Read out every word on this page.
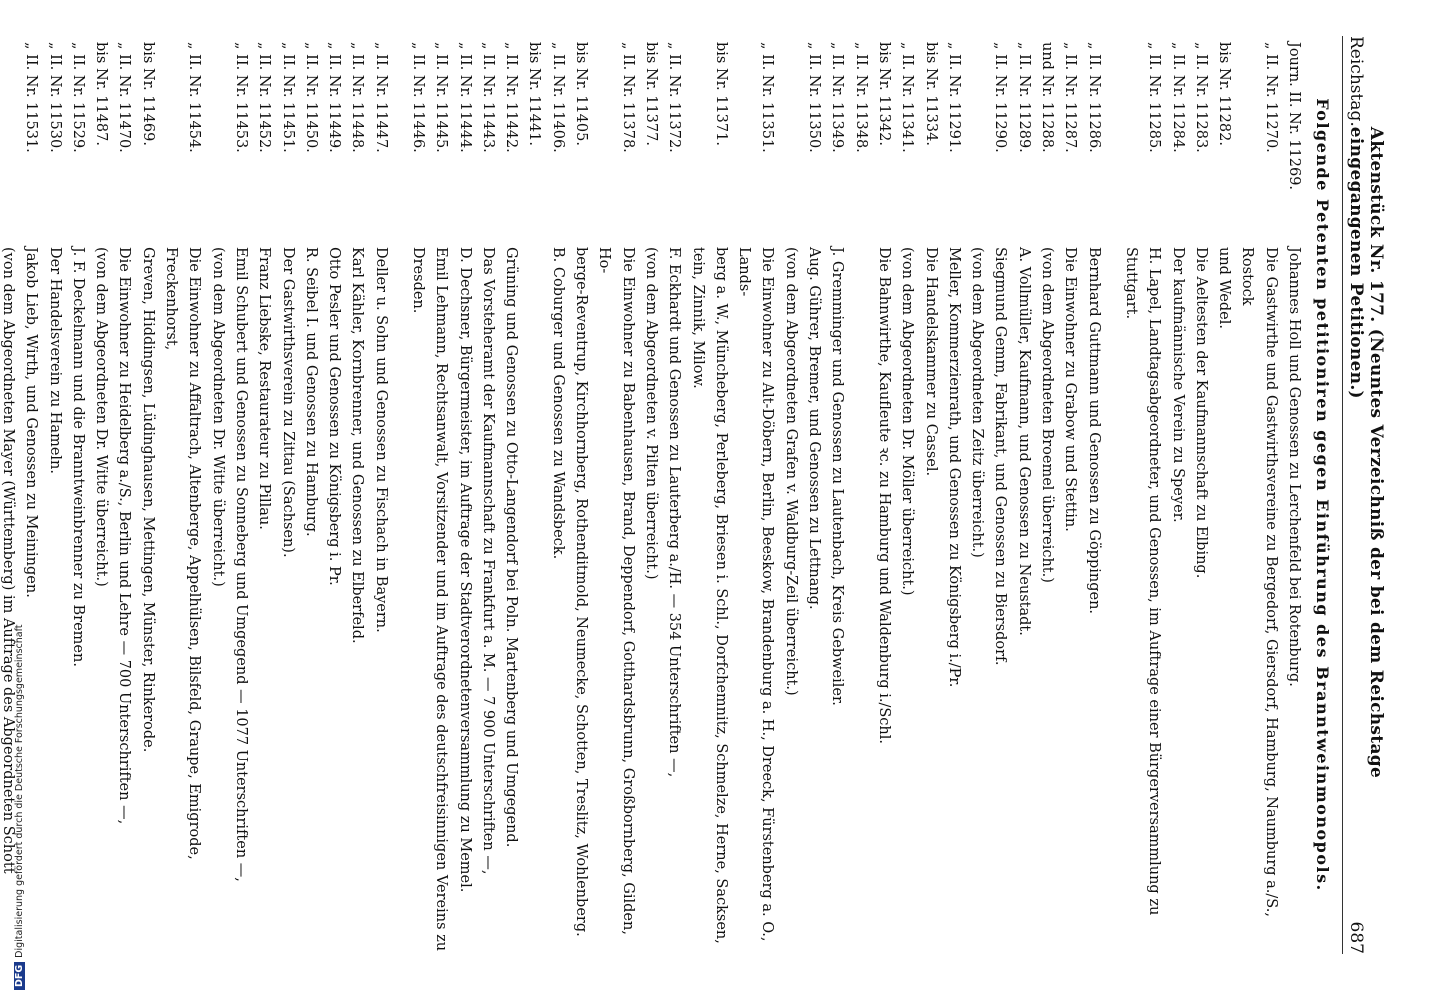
Reichstag.
Aktenstück Nr. 177. (Neuntes Verzeichniß der bei dem Reichstage eingegangenen Petitionen.)
687
Folgende Petenten petitioniren gegen Einführung des Branntweinmonopols.
Journ. II. Nr. 11269.
Johannes Holl und Genossen zu Lerchenfeld bei Rotenburg.
„ II. Nr. 11270.
Die Gastwirthe und Gastwirthsvereine zu Bergedorf, Giersdorf, Hamburg, Naumburg a./S., Rostock
bis Nr. 11282.
und Wedel.
„ II. Nr. 11283.
Die Aeltesten der Kaufmannschaft zu Elbing.
„ II. Nr. 11284.
Der kaufmännische Verein zu Speyer.
„ II. Nr. 11285.
H. Lapel, Landtagsabgeordneter, und Genossen, im Auftrage einer Bürgerversammlung zu
Stuttgart.
„ II. Nr. 11286.
Bernhard Guttmann und Genossen zu Göppingen.
„ II. Nr. 11287.
Die Einwohner zu Grabow und Stettin.
und Nr. 11288.
(von dem Abgeordneten Broemel überreicht.)
„ II. Nr. 11289.
A. Vollmüller, Kaufmann, und Genossen zu Neustadt.
„ II. Nr. 11290.
Siegmund Gemm, Fabrikant, und Genossen zu Biersdorf.
(von dem Abgeordneten Zeitz überreicht.)
„ II. Nr. 11291.
Meller, Kommerzienrath, und Genossen zu Königsberg i./Pr.
bis Nr. 11334.
Die Handelskammer zu Cassel.
„ II. Nr. 11341.
(von dem Abgeordneten Dr. Möller überreicht.)
bis Nr. 11342.
Die Bahnwirthe, Kaufleute ꝛc. zu Hamburg und Waldenburg i./Schl.
„ II. Nr. 11348.
„ II. Nr. 11349.
J. Gremminger und Genossen zu Lautenbach, Kreis Gebweiler.
„ II. Nr. 11350.
Aug. Gührer, Bremer, und Genossen zu Lettnang.
(von dem Abgeordneten Grafen v. Waldburg-Zeil überreicht.)
„ II. Nr. 11351.
Die Einwohner zu Alt-Döbern, Berlin, Beeskow, Brandenburg a. H., Dreeck, Fürstenberg a. O., Lands-
bis Nr. 11371.
berg a. W., Müncheberg, Perleberg, Briesen i. Schl., Dorfchemnitz, Schmelze, Herne, Sacksen,
tein, Zinnik, Milow.
„ II. Nr. 11372.
F. Eckhardt und Genossen zu Lauterberg a./H. — 354 Unterschriften —,
bis Nr. 11377.
(von dem Abgeordneten v. Pilten überreicht.)
„ II. Nr. 11378.
Die Einwohner zu Babenhausen, Brand, Deppendorf, Gotthardsbrunn, Großbornberg, Gilden, Ho-
bis Nr. 11405.
berge-Reventrup, Kirchhornberg, Rothenditmold, Neumecke, Schotten, Treslitz, Wohlenberg.
„ II. Nr. 11406.
B. Coburger und Genossen zu Wandsbeck.
bis Nr. 11441.
„ II. Nr. 11442.
Grüning und Genossen zu Otto-Langendorf bei Poln. Martenberg und Umgegend.
„ II. Nr. 11443.
Das Vorsteheramt der Kaufmannschaft zu Frankfurt a. M. — 7 900 Unterschriften —,
„ II. Nr. 11444.
D. Dechsner, Bürgermeister, im Auftrage der Stadtverordnetenversammlung zu Memel.
„ II. Nr. 11445.
Emil Lehmann, Rechtsanwalt, Vorsitzender und im Auftrage des deutschfreisinnigen Vereins zu
„ II. Nr. 11446.
Dresden.
„ II. Nr. 11447.
Deller u. Sohn und Genossen zu Fischach in Bayern.
„ II. Nr. 11448.
Karl Kähler, Kornbrenner, und Genossen zu Elberfeld.
„ II. Nr. 11449.
Otto Pesler und Genossen zu Königsberg i. Pr.
„ II. Nr. 11450.
R. Seibel I. und Genossen zu Hamburg.
„ II. Nr. 11451.
Der Gastwirthsverein zu Zittau (Sachsen).
„ II. Nr. 11452.
Franz Liebske, Restaurateur zu Pillau.
„ II. Nr. 11453.
Emil Schubert und Genossen zu Sonneberg und Umgegend — 1077 Unterschriften —,
(von dem Abgeordneten Dr. Witte überreicht.)
„ II. Nr. 11454.
Die Einwohner zu Affaltrach, Altenberge, Appelhülsen, Bilsfeld, Graupe, Emigrode, Freckenhorst,
bis Nr. 11469.
Greven, Hiddingsen, Lüdinghausen, Mettingen, Münster, Rinkerode.
„ II. Nr. 11470.
Die Einwohner zu Heidelberg a./S., Berlin und Lehre — 700 Unterschriften —,
bis Nr. 11487.
(von dem Abgeordneten Dr. Witte überreicht.)
„ II. Nr. 11529.
J. F. Deckelmann und die Branntweinbrenner zu Bremen.
„ II. Nr. 11530.
Der Handelsverein zu Hameln.
„ II. Nr. 11531.
Jakob Lieb, Wirth, und Genossen zu Meiningen.
(von dem Abgeordneten Mayer (Württemberg) im Auftrage des Abgeordneten Schott
DFGDigitalisierung gefördert durch die Deutsche Forschungsgemeinschaft
